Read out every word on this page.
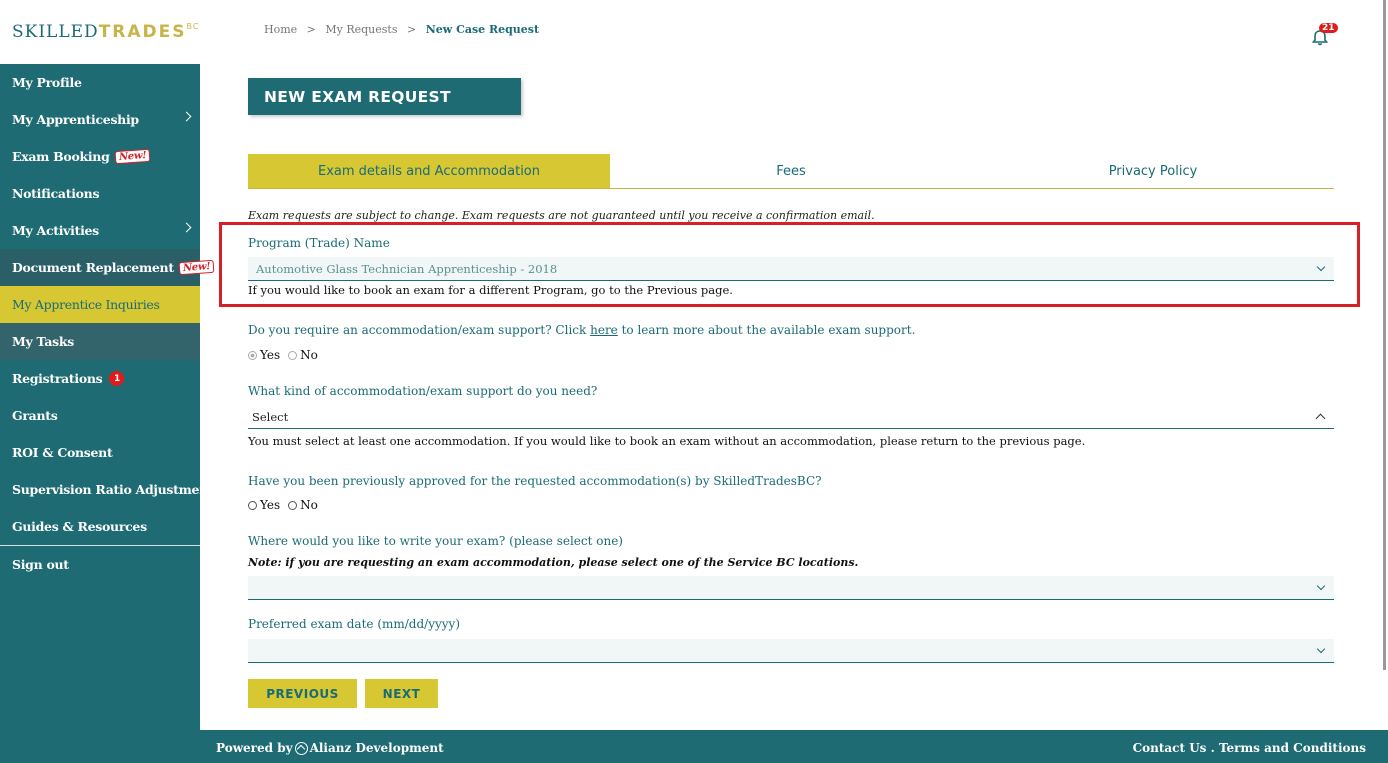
$SKILLEDTRADES^{BC}$
My Profile
My Apprenticeship
Exam Booking New!
Notifications
My Activities
Document Replacement New!
My Apprentice Inquiries
My Tasks
Registrations	1
Grants
ROI & Consent
Supervision Ratio Adjustment
Guides & Resources
Sign out
Home > My Requests > New Case Request	21
NEW EXAM REQUEST
Exam details and Accommodation	Fees	Privacy Policy
Exam requests are subject to change. Exam requests are not guaranteed until you receive a confirmation email.
Program (Trade) Name
Automotive Glass Technician Apprenticeship - 2018
If you would like to book an exam for a different Program, go to the Previous page.
Do you require an accommodation/exam support? Click here to learn more about the available exam support.
Yes No
What kind of accommodation/exam support do you need?
Select
You must select at least one accommodation. If you would like to book an exam without an accommodation, please return to the previous page.
Have you been previously approved for the requested accommodation(s) by SkilledTradesBC?
Yes No
Where would you like to write your exam? (please select one)
Note: if you are requesting an exam accommodation, please select one of the Service BC locations.
Preferred exam date (mm/dd/yyyy)
PREVIOUS	NEXT
Powered by Alianz Development	Contact Us . Terms and Conditions
